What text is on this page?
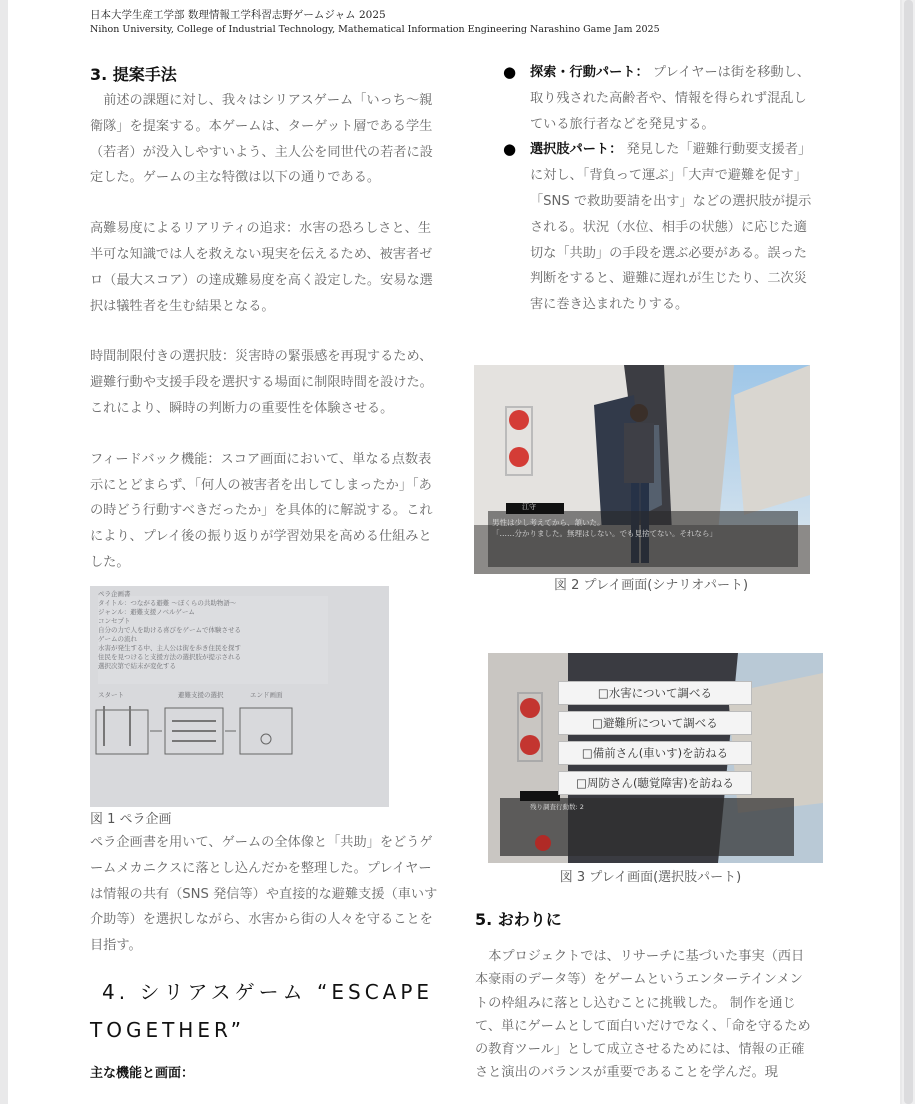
日本大学生産工学部 数理情報工学科習志野ゲームジャム 2025
Nihon University, College of Industrial Technology, Mathematical Information Engineering Narashino Game Jam 2025
3. 提案手法

前述の課題に対し、我々はシリアスゲーム「いっち～親衛隊」を提案する。本ゲームは、ターゲット層である学生（若者）が没入しやすいよう、主人公を同世代の若者に設定した。ゲームの主な特徴は以下の通りである。

高難易度によるリアリティの追求：水害の恐ろしさと、生半可な知識では人を救えない現実を伝えるため、被害者ゼロ（最大スコア）の達成難易度を高く設定した。安易な選択は犠牲者を生む結果となる。

時間制限付きの選択肢：災害時の緊張感を再現するため、避難行動や支援手段を選択する場面に制限時間を設けた。これにより、瞬時の判断力の重要性を体験させる。

フィードバック機能：スコア画面において、単なる点数表示にとどまらず、「何人の被害者を出してしまったか」「あの時どう行動すべきだったか」を具体的に解説する。これにより、プレイ後の振り返りが学習効果を高める仕組みとした。

ペラ企画書
タイトル：つながる避難 ～ぼくらの共助物語～
ジャンル：避難支援ノベルゲーム
コンセプト
自分の力で人を助ける喜びをゲームで体験させる
ゲームの流れ
水害が発生する中、主人公は街を歩き住民を探す
住民を見つけると支援方法の選択肢が提示される
選択次第で結末が変化する
スタート	避難支援の選択	エンド画面
図 1 ペラ企画

ペラ企画書を用いて、ゲームの全体像と「共助」をどうゲームメカニクスに落とし込んだかを整理した。プレイヤーは情報の共有（SNS 発信等）や直接的な避難支援（車いす介助等）を選択しながら、水害から街の人々を守ることを目指す。

4. シリアスゲーム “ESCAPE TOGETHER”
主な機能と画面：
● 探索・行動パート： プレイヤーは街を移動し、取り残された高齢者や、情報を得られず混乱している旅行者などを発見する。
● 選択肢パート： 発見した「避難行動要支援者」に対し、「背負って運ぶ」「大声で避難を促す」「SNS で救助要請を出す」などの選択肢が提示される。状況（水位、相手の状態）に応じた適切な「共助」の手段を選ぶ必要がある。誤った判断をすると、避難に遅れが生じたり、二次災害に巻き込まれたりする。
江守
男性は少し考えてから、頷いた。
「……分かりました。無理はしない。でも見捨てない。それなら」
図 2 プレイ画面(シナリオパート)
□水害について調べる
□避難所について調べる
□備前さん(車いす)を訪ねる
□周防さん(聴覚障害)を訪ねる
残り調査行動数: 2
図 3 プレイ画面(選択肢パート)
5. おわりに

本プロジェクトでは、リサーチに基づいた事実（西日本豪雨のデータ等）をゲームというエンターテインメントの枠組みに落とし込むことに挑戦した。 制作を通じて、単にゲームとして面白いだけでなく、「命を守るための教育ツール」として成立させるためには、情報の正確さと演出のバランスが重要であることを学んだ。現
